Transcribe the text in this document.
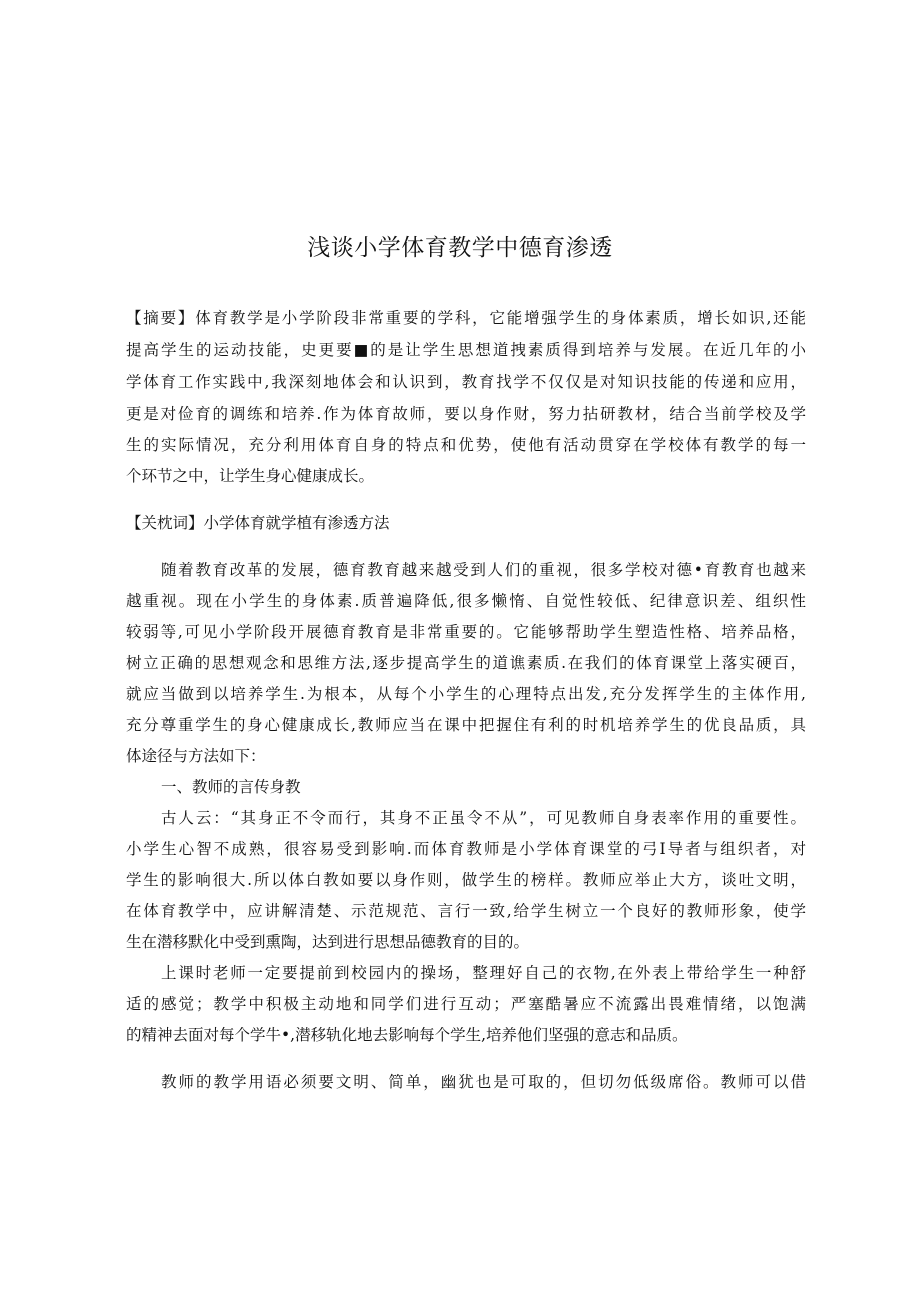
浅谈小学体育教学中德育渗透
【摘要】体育教学是小学阶段非常重要的学科，它能增强学生的身体素质，增长如识,还能
提高学生的运动技能，史更要■的是让学生思想道拽素质得到培养与发展。在近几年的小
学体育工作实践中,我深刻地体会和认识到，教育找学不仅仅是对知识技能的传递和应用，
更是对俭育的调练和培养.作为体育故师，要以身作财，努力拈研教材，结合当前学校及学
生的实际情况，充分利用体育自身的特点和优势，使他有活动贯穿在学校体有教学的每一
个环节之中，让学生身心健康成长。
【关枕词】小学体育就学植有渗透方法
随着教育改革的发展，德育教育越来越受到人们的重视，很多学校对德•育教育也越来
越重视。现在小学生的身体素.质普遍降低,很多懒惰、自觉性较低、纪律意识差、组织性
较弱等,可见小学阶段开展德育教育是非常重要的。它能够帮助学生塑造性格、培养品格，
树立正确的思想观念和思维方法,逐步提高学生的道谯素质.在我们的体育课堂上落实硬百，
就应当做到以培养学生.为根本，从每个小学生的心理特点出发,充分发挥学生的主体作用,
充分尊重学生的身心健康成长,教师应当在课中把握住有利的时机培养学生的优良品质，具
体途径与方法如下：
一、教师的言传身教
古人云：“其身正不令而行，其身不正虽令不从”，可见教师自身表率作用的重要性。
小学生心智不成熟，很容易受到影响.而体育教师是小学体育课堂的弓I导者与组织者，对
学生的影响很大.所以体白教如要以身作则，做学生的榜样。教师应举止大方，谈吐文明，
在体育教学中，应讲解清楚、示范规范、言行一致,给学生树立一个良好的教师形象，使学
生在潜移默化中受到熏陶，达到进行思想品德教育的目的。
上课时老师一定要提前到校园内的操场，整理好自己的衣物,在外表上带给学生一种舒
适的感觉；教学中积极主动地和同学们进行互动；严塞酷暑应不流露出畏难情绪，以饱满
的精神去面对每个学牛•,潜移轨化地去影响每个学生,培养他们坚强的意志和品质。
教师的教学用语必须要文明、简单，幽犹也是可取的，但切勿低级席俗。教师可以借
